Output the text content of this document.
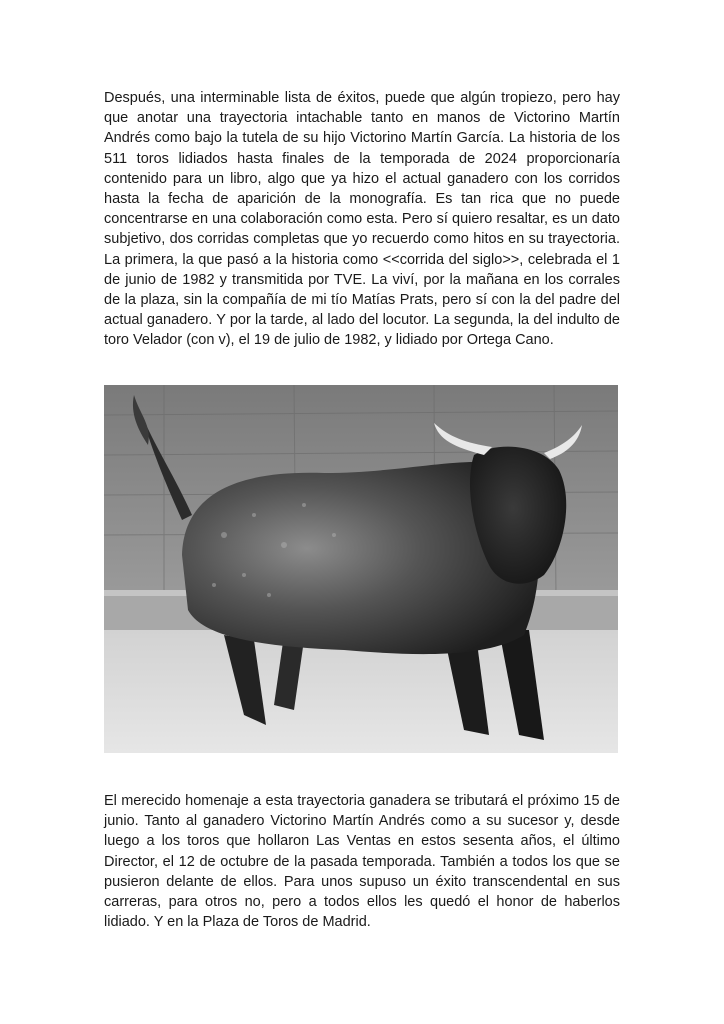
Después, una interminable lista de éxitos, puede que algún tropiezo, pero hay que anotar una trayectoria intachable tanto en manos de Victorino Martín Andrés como bajo la tutela de su hijo Victorino Martín García. La historia de los 511 toros lidiados hasta finales de la temporada de 2024 proporcionaría contenido para un libro, algo que ya hizo el actual ganadero con los corridos hasta la fecha de aparición de la monografía. Es tan rica que no puede concentrarse en una colaboración como esta. Pero sí quiero resaltar, es un dato subjetivo, dos corridas completas que yo recuerdo como hitos en su trayectoria. La primera, la que pasó a la historia como <<corrida del siglo>>, celebrada el 1 de junio de 1982 y transmitida por TVE. La viví, por la mañana en los corrales de la plaza, sin la compañía de mi tío Matías Prats, pero sí con la del padre del actual ganadero. Y por la tarde, al lado del locutor. La segunda, la del indulto de toro Velador (con v), el 19 de julio de 1982, y lidiado por Ortega Cano.

El merecido homenaje a esta trayectoria ganadera se tributará el próximo 15 de junio. Tanto al ganadero Victorino Martín Andrés como a su sucesor y, desde luego a los toros que hollaron Las Ventas en estos sesenta años, el último Director, el 12 de octubre de la pasada temporada. También a todos los que se pusieron delante de ellos. Para unos supuso un éxito transcendental en sus carreras, para otros no, pero a todos ellos les quedó el honor de haberlos lidiado. Y en la Plaza de Toros de Madrid.
